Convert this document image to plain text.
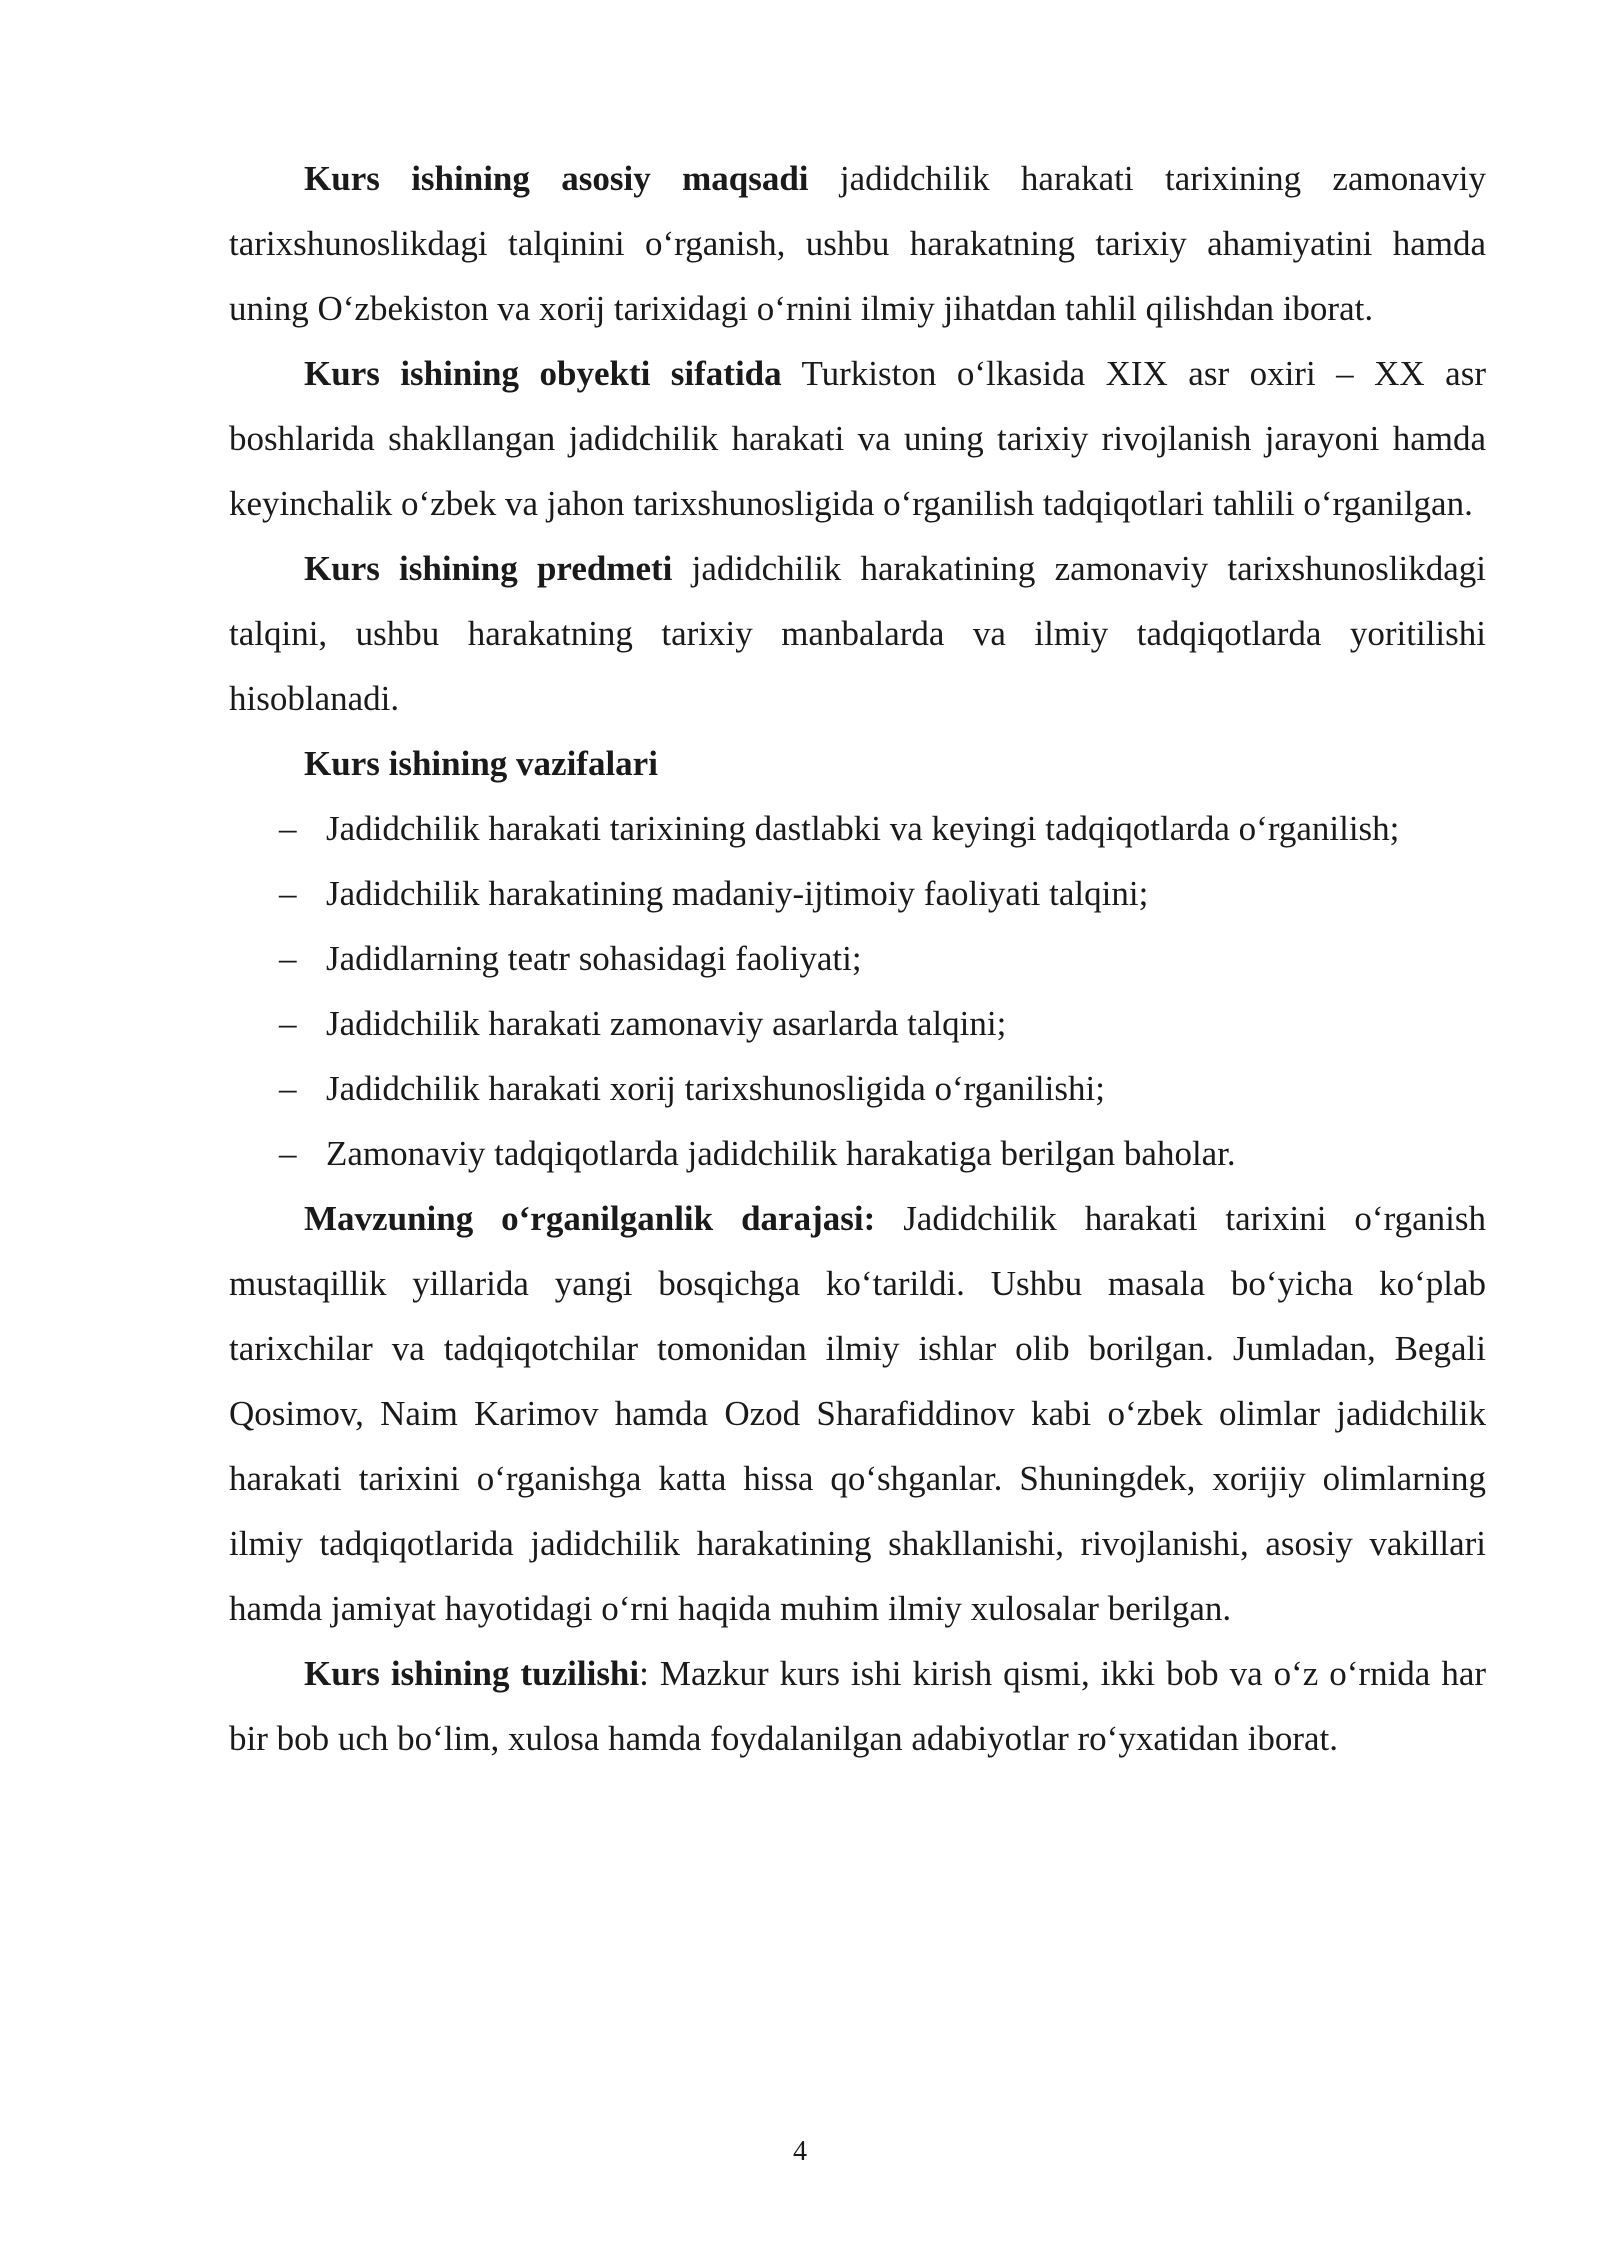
Kurs ishining asosiy maqsadi jadidchilik harakati tarixining zamonaviy tarixshunoslikdagi talqinini o‘rganish, ushbu harakatning tarixiy ahamiyatini hamda uning O‘zbekiston va xorij tarixidagi o‘rnini ilmiy jihatdan tahlil qilishdan iborat.

Kurs ishining obyekti sifatida Turkiston o‘lkasida XIX asr oxiri – XX asr boshlarida shakllangan jadidchilik harakati va uning tarixiy rivojlanish jarayoni hamda keyinchalik o‘zbek va jahon tarixshunosligida o‘rganilish tadqiqotlari tahlili o‘rganilgan.

Kurs ishining predmeti jadidchilik harakatining zamonaviy tarixshunoslikdagi talqini, ushbu harakatning tarixiy manbalarda va ilmiy tadqiqotlarda yoritilishi hisoblanadi.

Kurs ishining vazifalari

– Jadidchilik harakati tarixining dastlabki va keyingi tadqiqotlarda o‘rganilish;
– Jadidchilik harakatining madaniy-ijtimoiy faoliyati talqini;
– Jadidlarning teatr sohasidagi faoliyati;
– Jadidchilik harakati zamonaviy asarlarda talqini;
– Jadidchilik harakati xorij tarixshunosligida o‘rganilishi;
– Zamonaviy tadqiqotlarda jadidchilik harakatiga berilgan baholar.

Mavzuning o‘rganilganlik darajasi: Jadidchilik harakati tarixini o‘rganish mustaqillik yillarida yangi bosqichga ko‘tarildi. Ushbu masala bo‘yicha ko‘plab tarixchilar va tadqiqotchilar tomonidan ilmiy ishlar olib borilgan. Jumladan, Begali Qosimov, Naim Karimov hamda Ozod Sharafiddinov kabi o‘zbek olimlar jadidchilik harakati tarixini o‘rganishga katta hissa qo‘shganlar. Shuningdek, xorijiy olimlarning ilmiy tadqiqotlarida jadidchilik harakatining shakllanishi, rivojlanishi, asosiy vakillari hamda jamiyat hayotidagi o‘rni haqida muhim ilmiy xulosalar berilgan.

Kurs ishining tuzilishi: Mazkur kurs ishi kirish qismi, ikki bob va o‘z o‘rnida har bir bob uch bo‘lim, xulosa hamda foydalanilgan adabiyotlar ro‘yxatidan iborat.

4
